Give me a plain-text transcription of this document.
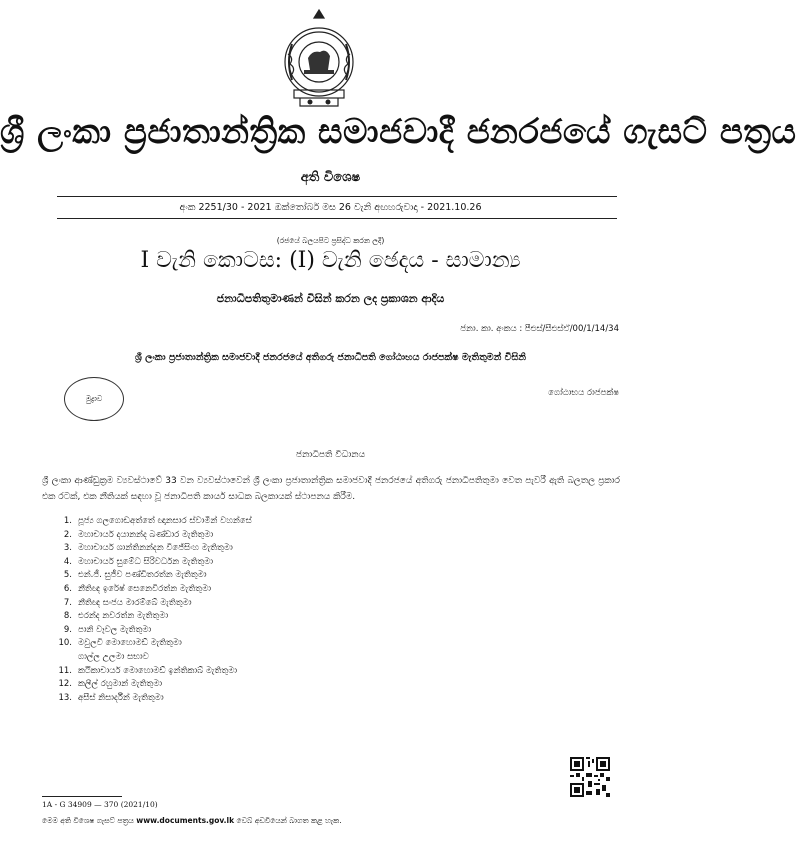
ශ්‍රී ලංකා ප්‍රජාතාන්ත්‍රික සමාජවාදී ජනරජයේ ගැසට් පත්‍රය
අති විශෙෂ
අංක 2251/30 - 2021 ඔක්තෝබර් මස 26 වැනි අඟහරුවාදා - 2021.10.26
(රජයේ බලයපිට ප්‍රසිද්ධ කරන ලදී)
I වැනි කොටස: (I) වැනි ඡෙදය - සාමාන්‍ය
ජනාධිපතිතුමාණන් විසින් කරන ලද ප්‍රකාශන ආදිය
ජනා. කා. අංකය : පීඑස්/සීඑස්ඒ/00/1/14/34
ශ්‍රී ලංකා ප්‍රජාතාන්ත්‍රික සමාජවාදී ජනරජයේ අතිගරු ජනාධිපති ගෝඨාභය රාජපක්ෂ මැතිතුමන් විසිනි
මුද්‍රාව
ගෝඨාභය රාජපක්ෂ
ජනාධිපති විධානය
ශ්‍රී ලංකා ආණ්ඩුක්‍රම ව්‍යවස්ථාවේ 33 වන ව්‍යවස්ථාවෙන් ශ්‍රී ලංකා ප්‍රජාතාන්ත්‍රික සමාජවාදී ජනරජයේ අතිගරු ජනාධිපතිතුමා වෙත පැවරී ඇති බලතල ප්‍රකාර එක රටක්, එක නීතියක් සඳහා වූ ජනාධිපති කාර්ය සාධක බලකායක් ස්ථාපනය කිරීම.
1. පූජ්‍ය ගලගොඩඅත්තේ ඥානසාර ස්වාමීන් වහන්සේ
2. මහාචාර්ය දයානන්ද බණ්ඩාර මැතිතුමා
3. මහාචාර්ය ශාන්තිනන්දන විජේසිංහ මැතිතුමා
4. මහාචාර්ය සුමේධ සිරිවර්ධන මැතිතුමා
5. එන්.ජී. සුජීව පණ්ඩිතරත්න මැතිතුමා
6. නීතිඥ ඉරේෂ් සෙනෙවිරත්න මැතිතුමා
7. නීතිඥ සංජය මාරම්බේ මැතිතුමා
8. එරන්ද නවරත්න මැතිතුමා
9. පානි වෑවල මැතිතුමා
10. මවුලවි මොහොමඩ් මැතිතුමා
ගාල්ල උලමා සභාව
11. කථිකාචාර්ය මොහොමඩ් ඉන්තිකාබ් මැතිතුමා
12. කලීල් රහුමාන් මැතිතුමා
13. අසීස් නිසාර්දීන් මැතිතුමා
1A - G 34909 — 370 (2021/10)
මෙම අති විශෙෂ ගැසට් පත්‍රය www.documents.gov.lk වෙබ් අඩවියෙන් බාගත කළ හැක.
